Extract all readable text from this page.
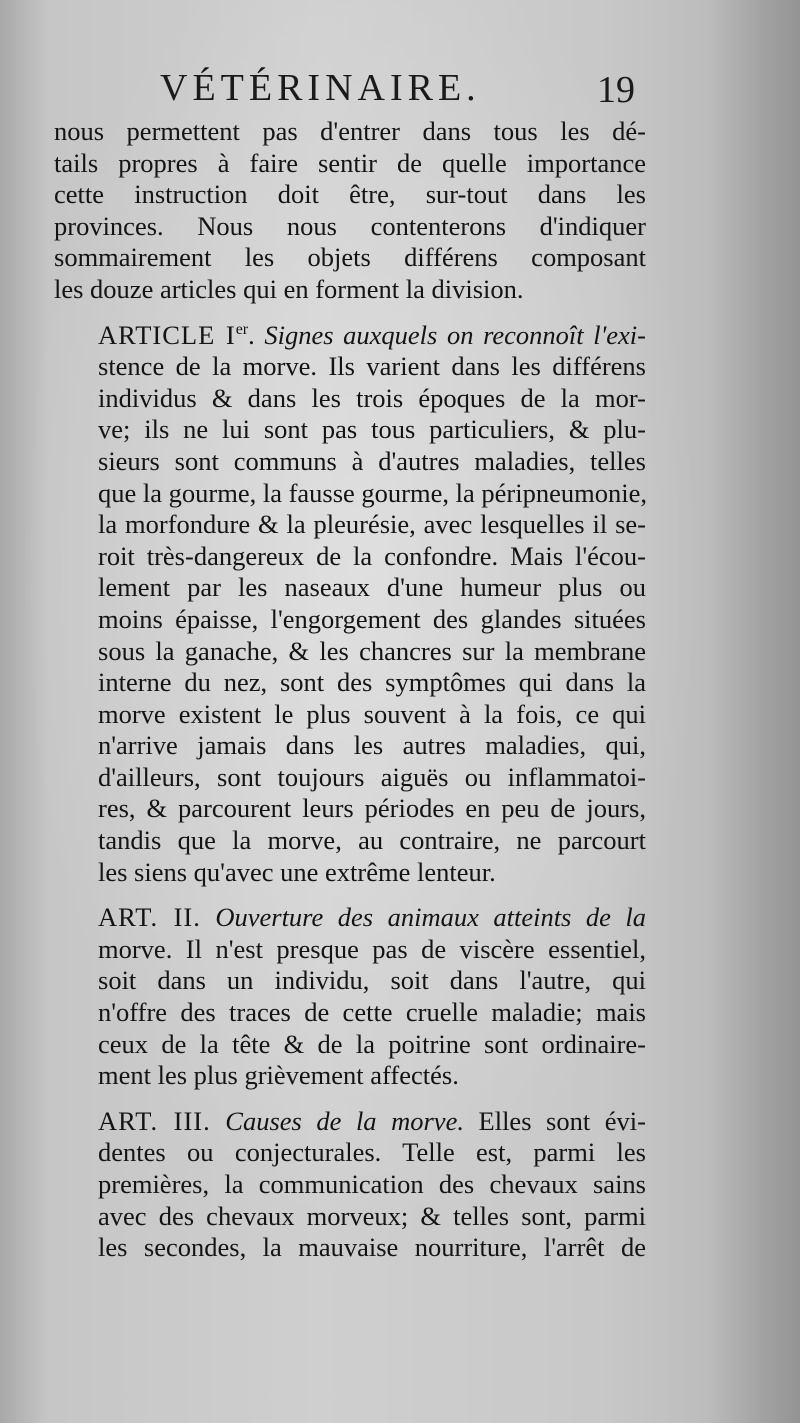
VÉTÉRINAIRE.	19

nous permettent pas d'entrer dans tous les dé-
tails propres à faire sentir de quelle importance
cette instruction doit être, sur-tout dans les
provinces. Nous nous contenterons d'indiquer
sommairement les objets différens composant
les douze articles qui en forment la division.

ARTICLE Ier. Signes auxquels on reconnoît l'exi-
stence de la morve. Ils varient dans les différens
individus & dans les trois époques de la mor-
ve; ils ne lui sont pas tous particuliers, & plu-
sieurs sont communs à d'autres maladies, telles
que la gourme, la fausse gourme, la péripneumonie,
la morfondure & la pleurésie, avec lesquelles il se-
roit très-dangereux de la confondre. Mais l'écou-
lement par les naseaux d'une humeur plus ou
moins épaisse, l'engorgement des glandes situées
sous la ganache, & les chancres sur la membrane
interne du nez, sont des symptômes qui dans la
morve existent le plus souvent à la fois, ce qui
n'arrive jamais dans les autres maladies, qui,
d'ailleurs, sont toujours aiguës ou inflammatoi-
res, & parcourent leurs périodes en peu de jours,
tandis que la morve, au contraire, ne parcourt
les siens qu'avec une extrême lenteur.

ART. II. Ouverture des animaux atteints de la
morve. Il n'est presque pas de viscère essentiel,
soit dans un individu, soit dans l'autre, qui
n'offre des traces de cette cruelle maladie; mais
ceux de la tête & de la poitrine sont ordinaire-
ment les plus grièvement affectés.

ART. III. Causes de la morve. Elles sont évi-
dentes ou conjecturales. Telle est, parmi les
premières, la communication des chevaux sains
avec des chevaux morveux; & telles sont, parmi
les secondes, la mauvaise nourriture, l'arrêt de
